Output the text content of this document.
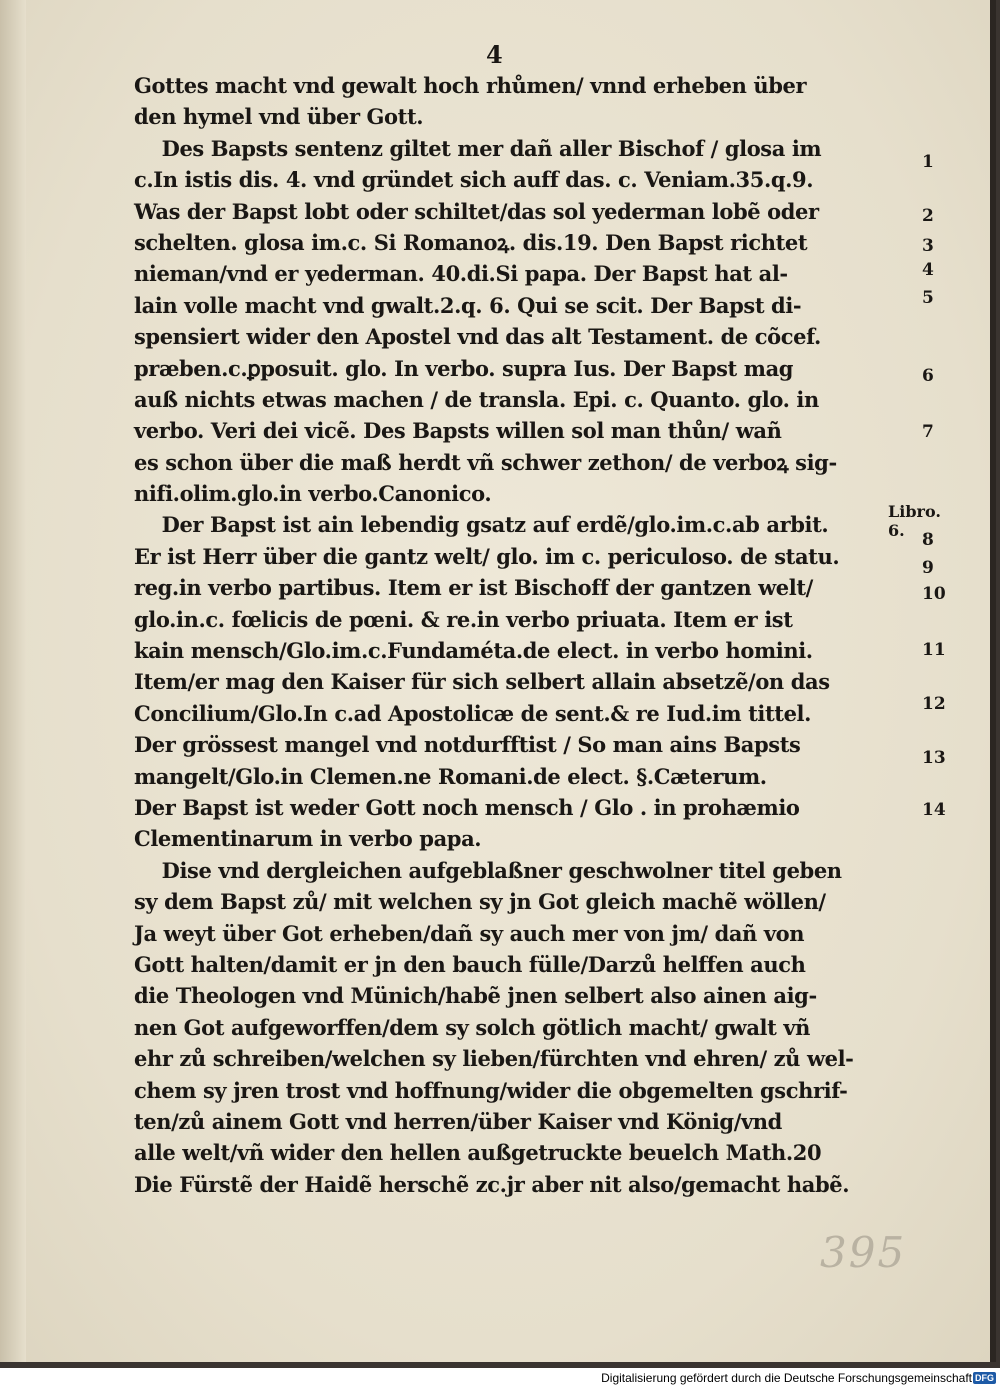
4
Gottes macht vnd gewalt hoch rhůmen/ vnnd erheben über
den hymel vnd über Gott.
Des Bapsts sentenz giltet mer dañ aller Bischof / glosa im
c.In istis dis. 4. vnd gründet sich auff das. c. Veniam.35.q.9.
Was der Bapst lobt oder schiltet/das sol yederman lobẽ oder
schelten. glosa im.c. Si Romanoꝝ. dis.19. Den Bapst richtet
nieman/vnd er yederman. 40.di.Si papa. Der Bapst hat al-
lain volle macht vnd gwalt.2.q. 6. Qui se scit. Der Bapst di-
spensiert wider den Apostel vnd das alt Testament. de cõcef.
præben.c.ꝑposuit. glo. In verbo. supra Ius. Der Bapst mag
auß nichts etwas machen / de transla. Epi. c. Quanto. glo. in
verbo. Veri dei vicẽ. Des Bapsts willen sol man thůn/ wañ
es schon über die maß herdt vñ schwer zethon/ de verboꝝ sig-
nifi.olim.glo.in verbo.Canonico.
Der Bapst ist ain lebendig gsatz auf erdẽ/glo.im.c.ab arbit.
Er ist Herr über die gantz welt/ glo. im c. periculoso. de statu.
reg.in verbo partibus. Item er ist Bischoff der gantzen welt/
glo.in.c. fœlicis de pœni. & re.in verbo priuata. Item er ist
kain mensch/Glo.im.c.Fundaméta.de elect. in verbo homini.
Item/er mag den Kaiser für sich selbert allain absetzẽ/on das
Concilium/Glo.In c.ad Apostolicæ de sent.& re Iud.im tittel.
Der grössest mangel vnd notdurfftist / So man ains Bapsts
mangelt/Glo.in Clemen.ne Romani.de elect. §.Cæterum.
Der Bapst ist weder Gott noch mensch / Glo . in prohæmio
Clementinarum in verbo papa.
Dise vnd dergleichen aufgeblaßner geschwolner titel geben
sy dem Bapst zů/ mit welchen sy jn Got gleich machẽ wöllen/
Ja weyt über Got erheben/dañ sy auch mer von jm/ dañ von
Gott halten/damit er jn den bauch fülle/Darzů helffen auch
die Theologen vnd Münich/habẽ jnen selbert also ainen aig-
nen Got aufgeworffen/dem sy solch götlich macht/ gwalt vñ
ehr zů schreiben/welchen sy lieben/fürchten vnd ehren/ zů wel-
chem sy jren trost vnd hoffnung/wider die obgemelten gschrif-
ten/zů ainem Gott vnd herren/über Kaiser vnd König/vnd
alle welt/vñ wider den hellen außgetruckte beuelch Math.20
Die Fürstẽ der Haidẽ herschẽ zc.jr aber nit also/gemacht habẽ.
1
2
3
4
5
6
7
Libro. 6.	8
9
10
11
12
13
14
395
Digitalisierung gefördert durch die Deutsche Forschungsgemeinschaft DFG
